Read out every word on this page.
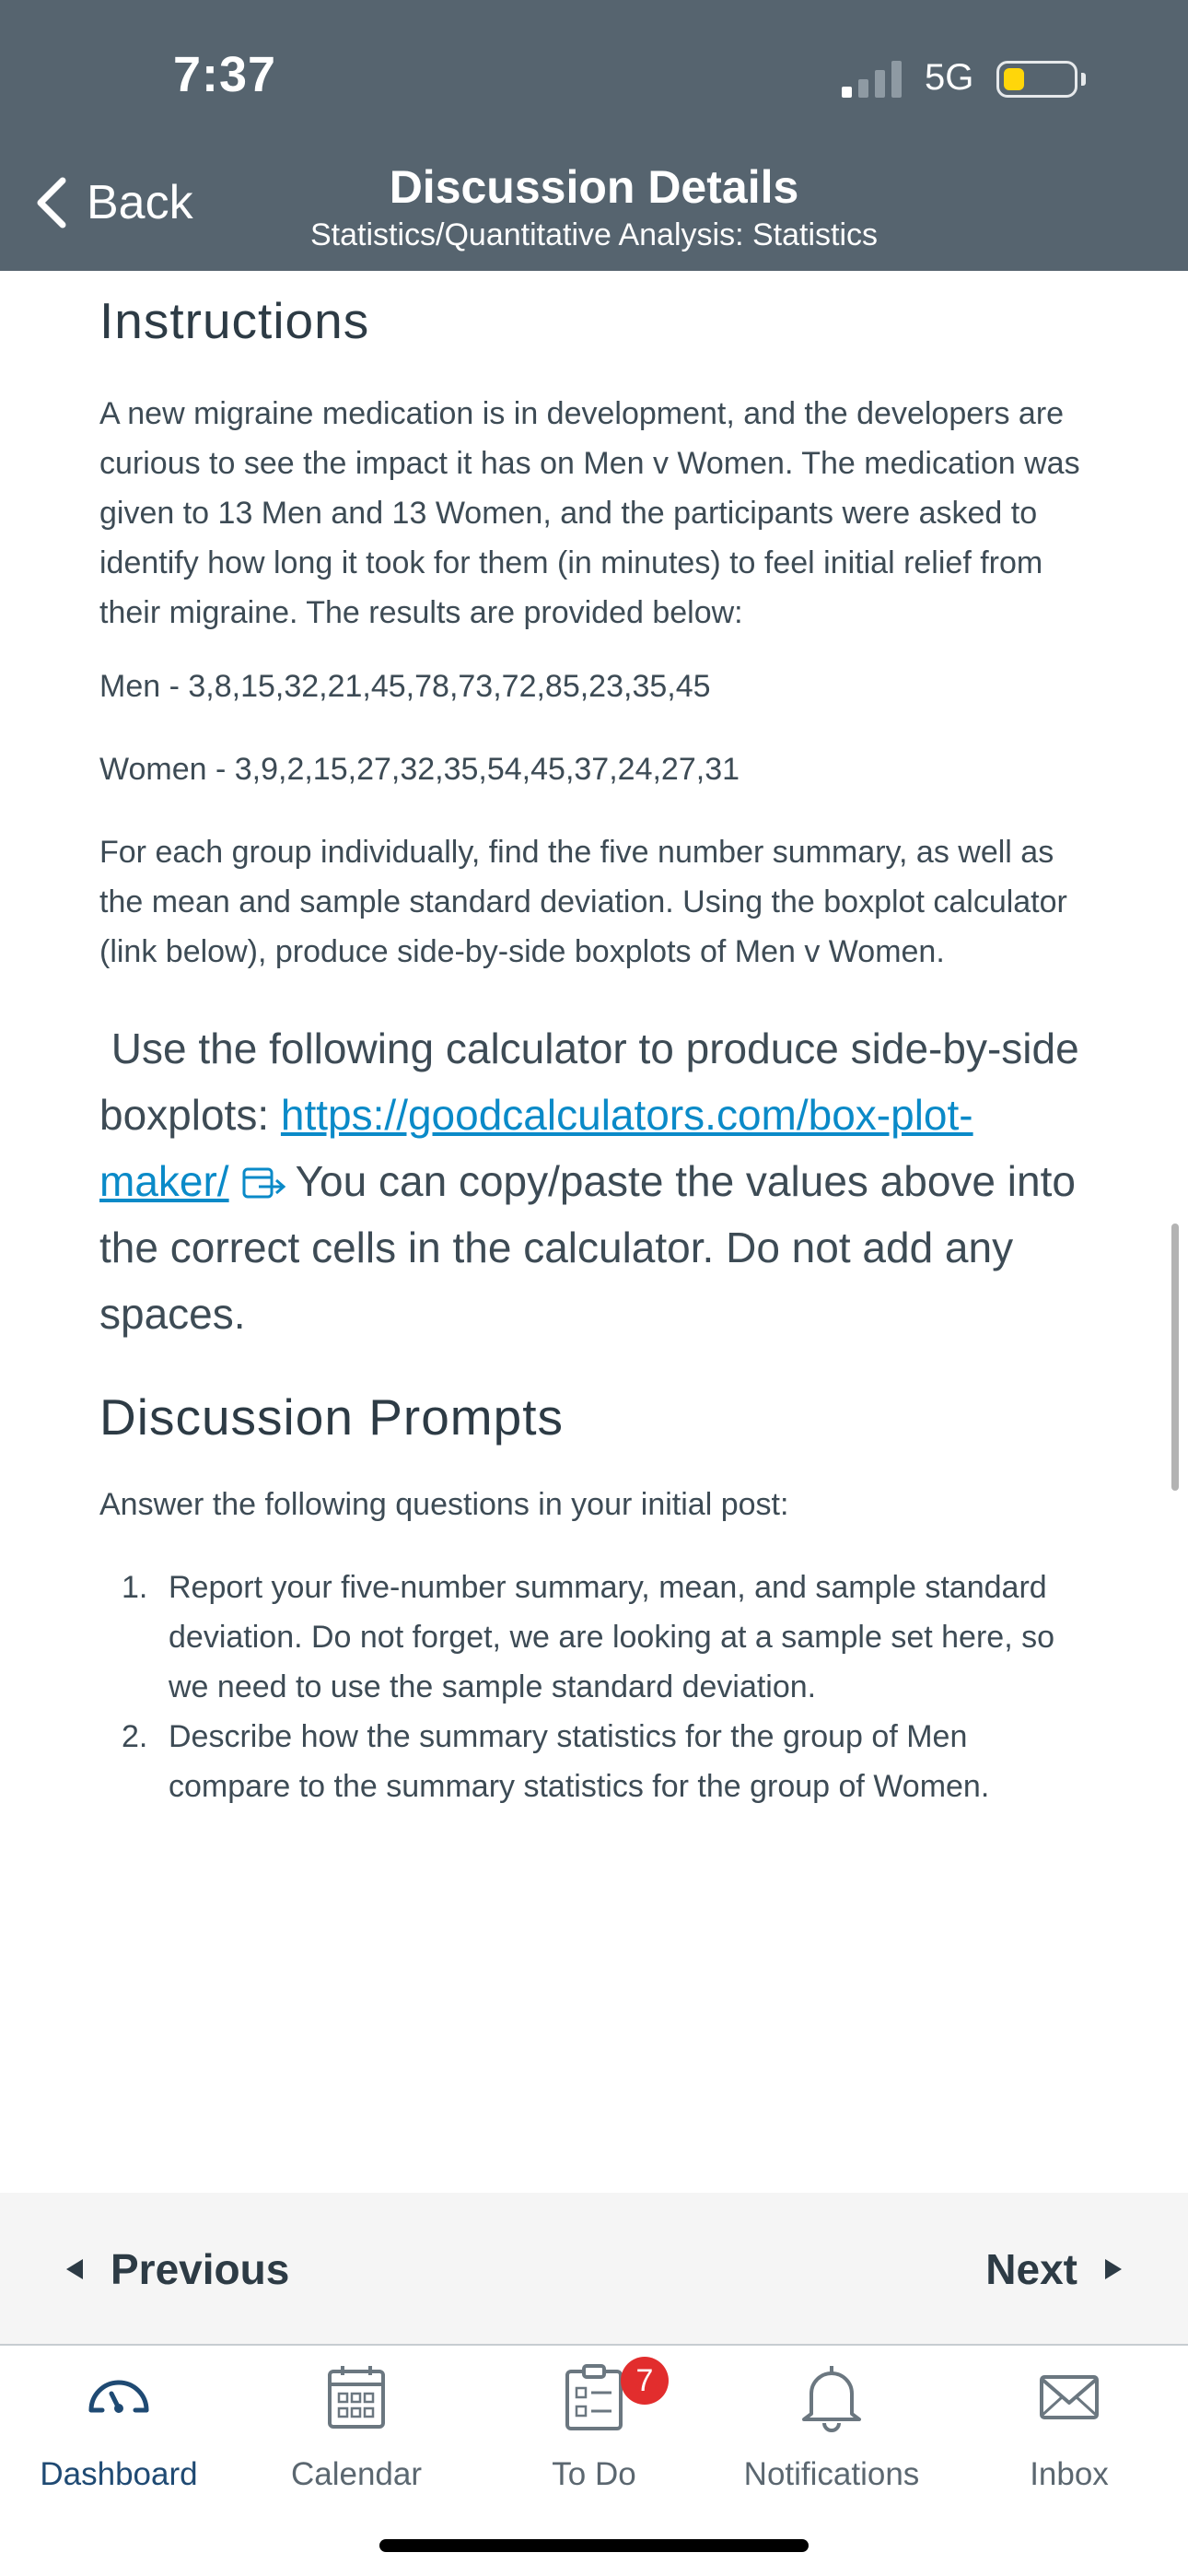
7:37	5G
Back	Discussion Details
Statistics/Quantitative Analysis: Statistics
Instructions

A new migraine medication is in development, and the developers are curious to see the impact it has on Men v Women. The medication was given to 13 Men and 13 Women, and the participants were asked to identify how long it took for them (in minutes) to feel initial relief from their migraine. The results are provided below:

Men - 3,8,15,32,21,45,78,73,72,85,23,35,45

Women - 3,9,2,15,27,32,35,54,45,37,24,27,31

For each group individually, find the five number summary, as well as the mean and sample standard deviation. Using the boxplot calculator (link below), produce side-by-side boxplots of Men v Women.

Use the following calculator to produce side-by-side boxplots: https://goodcalculators.com/box-plot-maker/ You can copy/paste the values above into the correct cells in the calculator. Do not add any spaces.

Discussion Prompts

Answer the following questions in your initial post:

1. Report your five-number summary, mean, and sample standard deviation. Do not forget, we are looking at a sample set here, so we need to use the sample standard deviation.
2. Describe how the summary statistics for the group of Men compare to the summary statistics for the group of Women.
Previous	Next
Dashboard	Calendar
7
To Do	Notifications	Inbox
